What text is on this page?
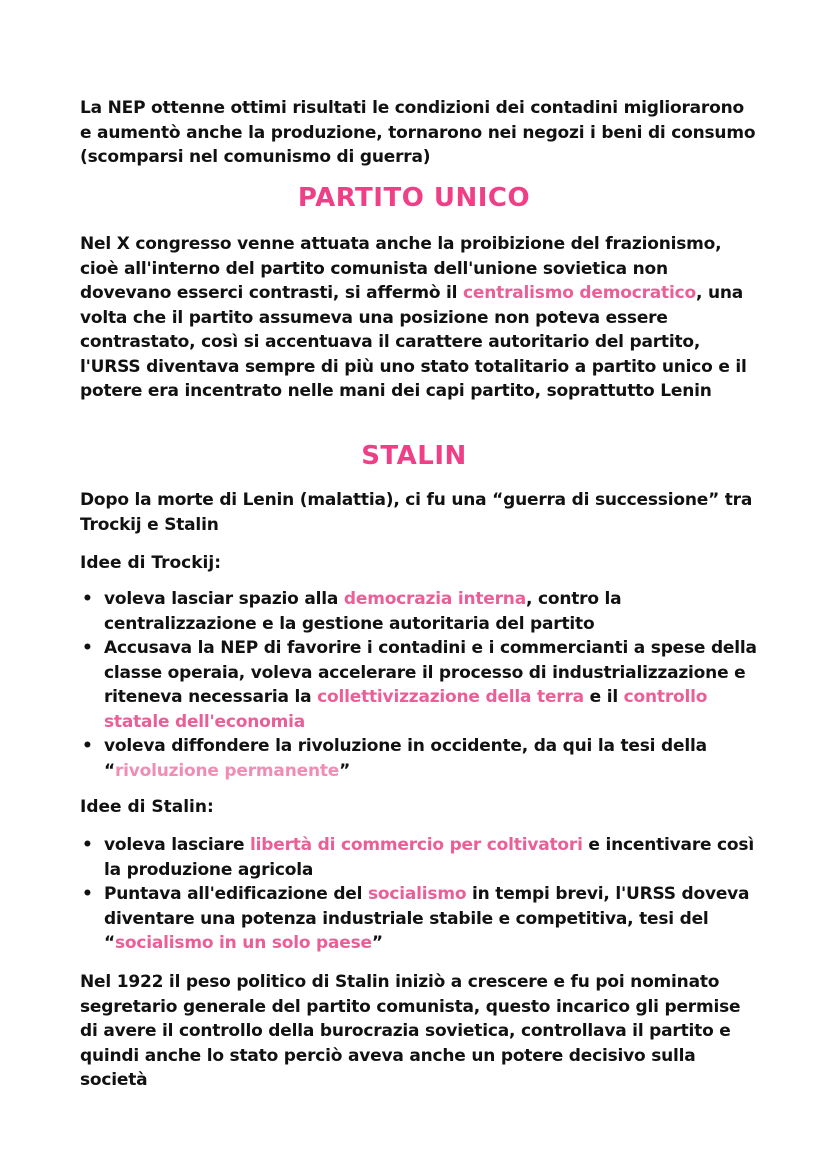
La NEP ottenne ottimi risultati le condizioni dei contadini migliorarono e aumentò anche la produzione, tornarono nei negozi i beni di consumo (scomparsi nel comunismo di guerra)
PARTITO UNICO
Nel X congresso venne attuata anche la proibizione del frazionismo, cioè all'interno del partito comunista dell'unione sovietica non dovevano esserci contrasti, si affermò il centralismo democratico, una volta che il partito assumeva una posizione non poteva essere contrastato, così si accentuava il carattere autoritario del partito, l'URSS diventava sempre di più uno stato totalitario a partito unico e il potere era incentrato nelle mani dei capi partito, soprattutto Lenin
STALIN
Dopo la morte di Lenin (malattia), ci fu una “guerra di successione” tra Trockij e Stalin
Idee di Trockij:
• voleva lasciar spazio alla democrazia interna, contro la centralizzazione e la gestione autoritaria del partito
• Accusava la NEP di favorire i contadini e i commercianti a spese della classe operaia, voleva accelerare il processo di industrializzazione e riteneva necessaria la collettivizzazione della terra e il controllo statale dell'economia
• voleva diffondere la rivoluzione in occidente, da qui la tesi della “rivoluzione permanente”
Idee di Stalin:
• voleva lasciare libertà di commercio per coltivatori e incentivare così la produzione agricola
• Puntava all'edificazione del socialismo in tempi brevi, l'URSS doveva diventare una potenza industriale stabile e competitiva, tesi del “socialismo in un solo paese”
Nel 1922 il peso politico di Stalin iniziò a crescere e fu poi nominato segretario generale del partito comunista, questo incarico gli permise di avere il controllo della burocrazia sovietica, controllava il partito e quindi anche lo stato perciò aveva anche un potere decisivo sulla società
